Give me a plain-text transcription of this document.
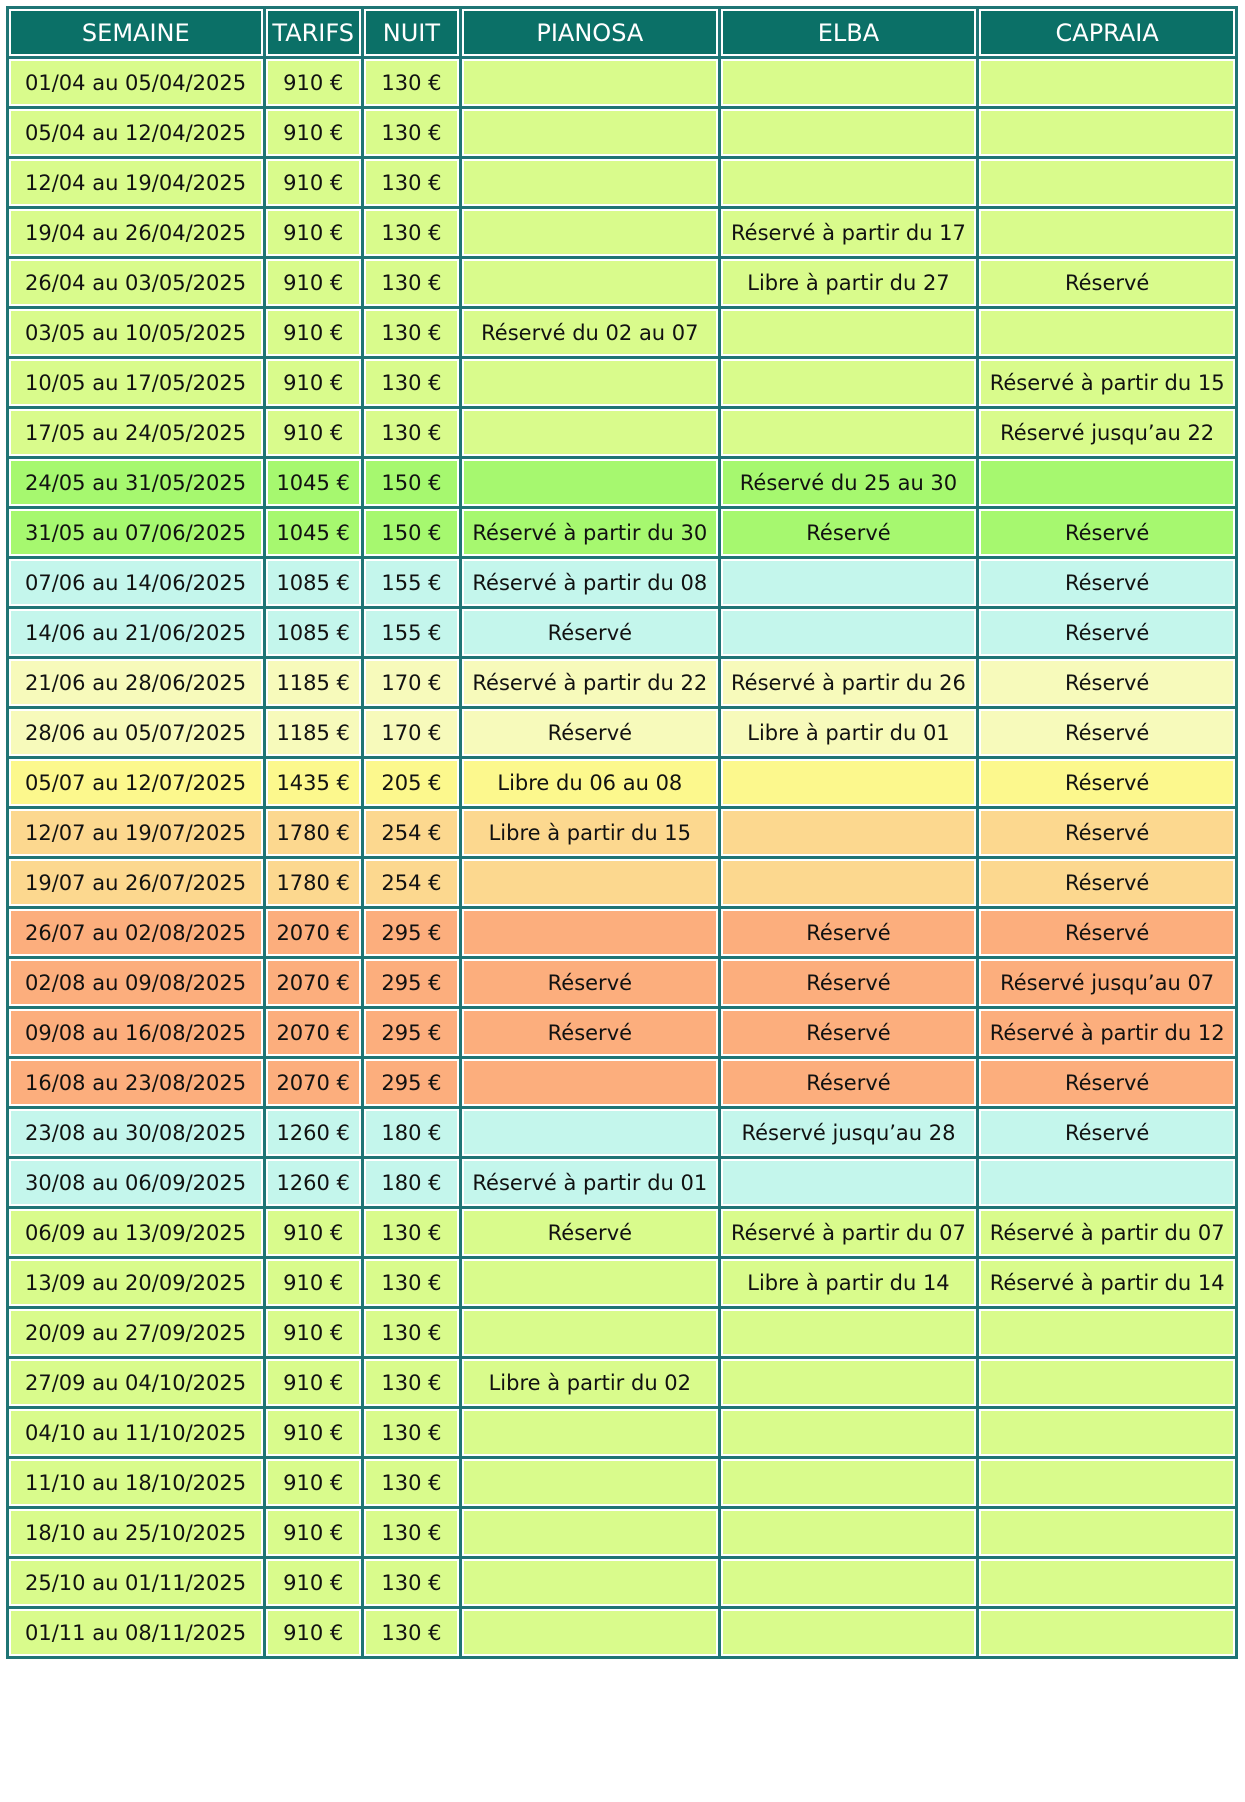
SEMAINE	TARIFS	NUIT	PIANOSA	ELBA	CAPRAIA
01/04 au 05/04/2025	910 €	130 €			
05/04 au 12/04/2025	910 €	130 €			
12/04 au 19/04/2025	910 €	130 €			
19/04 au 26/04/2025	910 €	130 €		Réservé à partir du 17	
26/04 au 03/05/2025	910 €	130 €		Libre à partir du 27	Réservé
03/05 au 10/05/2025	910 €	130 €	Réservé du 02 au 07		
10/05 au 17/05/2025	910 €	130 €			Réservé à partir du 15
17/05 au 24/05/2025	910 €	130 €			Réservé jusqu’au 22
24/05 au 31/05/2025	1045 €	150 €		Réservé du 25 au 30	
31/05 au 07/06/2025	1045 €	150 €	Réservé à partir du 30	Réservé	Réservé
07/06 au 14/06/2025	1085 €	155 €	Réservé à partir du 08		Réservé
14/06 au 21/06/2025	1085 €	155 €	Réservé		Réservé
21/06 au 28/06/2025	1185 €	170 €	Réservé à partir du 22	Réservé à partir du 26	Réservé
28/06 au 05/07/2025	1185 €	170 €	Réservé	Libre à partir du 01	Réservé
05/07 au 12/07/2025	1435 €	205 €	Libre du 06 au 08		Réservé
12/07 au 19/07/2025	1780 €	254 €	Libre à partir du 15		Réservé
19/07 au 26/07/2025	1780 €	254 €			Réservé
26/07 au 02/08/2025	2070 €	295 €		Réservé	Réservé
02/08 au 09/08/2025	2070 €	295 €	Réservé	Réservé	Réservé jusqu’au 07
09/08 au 16/08/2025	2070 €	295 €	Réservé	Réservé	Réservé à partir du 12
16/08 au 23/08/2025	2070 €	295 €		Réservé	Réservé
23/08 au 30/08/2025	1260 €	180 €		Réservé jusqu’au 28	Réservé
30/08 au 06/09/2025	1260 €	180 €	Réservé à partir du 01		
06/09 au 13/09/2025	910 €	130 €	Réservé	Réservé à partir du 07	Réservé à partir du 07
13/09 au 20/09/2025	910 €	130 €		Libre à partir du 14	Réservé à partir du 14
20/09 au 27/09/2025	910 €	130 €			
27/09 au 04/10/2025	910 €	130 €	Libre à partir du 02		
04/10 au 11/10/2025	910 €	130 €			
11/10 au 18/10/2025	910 €	130 €			
18/10 au 25/10/2025	910 €	130 €			
25/10 au 01/11/2025	910 €	130 €			
01/11 au 08/11/2025	910 €	130 €			
